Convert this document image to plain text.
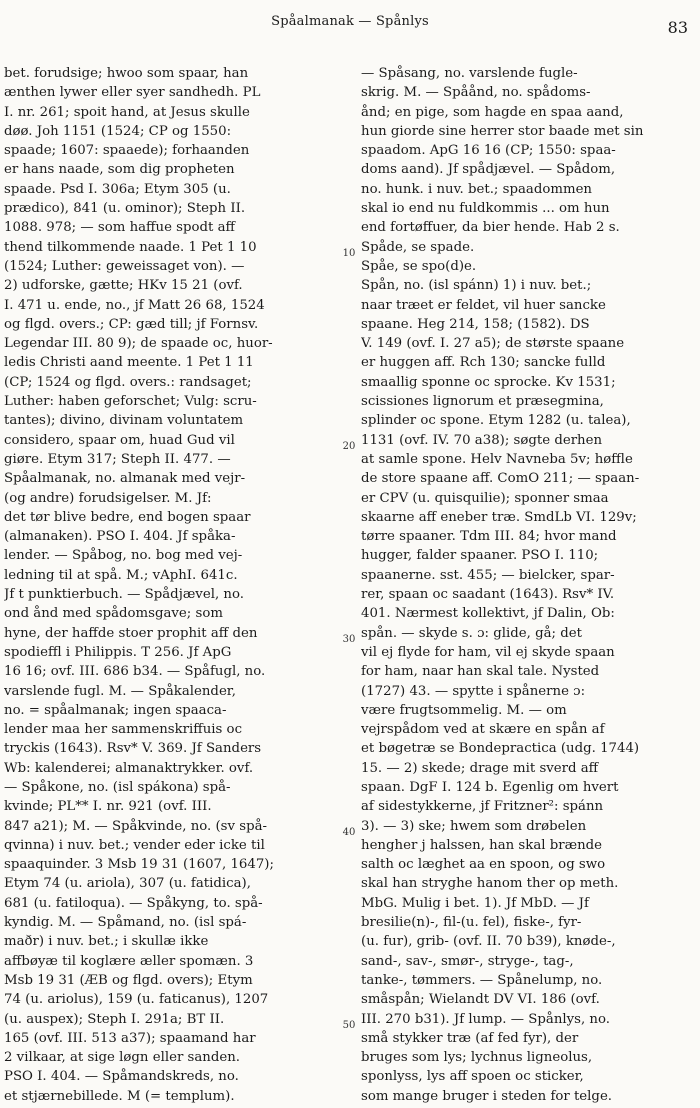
Spåalmanak — Spånlys	83
bet. forudsige; hwoo som spaar, han
ænthen lywer eller syer sandhedh. PL
I. nr. 261; spoit hand, at Jesus skulle
døø. Joh 1151 (1524; CP og 1550:
spaade; 1607: spaaede); forhaanden
er hans naade, som dig propheten
spaade. Psd I. 306a; Etym 305 (u.
prædico), 841 (u. ominor); Steph II.
1088. 978; — som haffue spodt aff
thend tilkommende naade. 1 Pet 1 10
(1524; Luther: geweissaget von). —
2) udforske, gætte; HKv 15 21 (ovf.
I. 471 u. ende, no., jf Matt 26 68, 1524
og flgd. overs.; CP: gæd till; jf Fornsv.
Legendar III. 80 9); de spaade oc, huor-
ledis Christi aand meente. 1 Pet 1 11
(CP; 1524 og flgd. overs.: randsaget;
Luther: haben geforschet; Vulg: scru-
tantes); divino, divinam voluntatem
considero, spaar om, huad Gud vil
giøre. Etym 317; Steph II. 477. —
Spåalmanak, no. almanak med vejr-
(og andre) forudsigelser. M. Jf:
det tør blive bedre, end bogen spaar
(almanaken). PSO I. 404. Jf spåka-
lender. — Spåbog, no. bog med vej-
ledning til at spå. M.; vAphI. 641c.
Jf t punktierbuch. — Spådjævel, no.
ond ånd med spådomsgave; som
hyne, der haffde stoer prophit aff den
spodieffl i Philippis. T 256. Jf ApG
16 16; ovf. III. 686 b34. — Spåfugl, no.
varslende fugl. M. — Spåkalender,
no. = spåalmanak; ingen spaaca-
lender maa her sammenskriffuis oc
tryckis (1643). Rsv* V. 369. Jf Sanders
Wb: kalenderei; almanaktrykker. ovf.
— Spåkone, no. (isl spákona) spå-
kvinde; PL** I. nr. 921 (ovf. III.
847 a21); M. — Spåkvinde, no. (sv spå-
qvinna) i nuv. bet.; vender eder icke til
spaaquinder. 3 Msb 19 31 (1607, 1647);
Etym 74 (u. ariola), 307 (u. fatidica),
681 (u. fatiloqua). — Spåkyng, to. spå-
kyndig. M. — Spåmand, no. (isl spá-
maðr) i nuv. bet.; i skullæ ikke
affbøyæ til koglære æller spomæn. 3
Msb 19 31 (ÆB og flgd. overs); Etym
74 (u. ariolus), 159 (u. faticanus), 1207
(u. auspex); Steph I. 291a; BT II.
165 (ovf. III. 513 a37); spaamand har
2 vilkaar, at sige løgn eller sanden.
PSO I. 404. — Spåmandskreds, no.
et stjærnebillede. M (= templum).
10
20
30
40
50
— Spåsang, no. varslende fugle-
skrig. M. — Spåånd, no. spådoms-
ånd; en pige, som hagde en spaa aand,
hun giorde sine herrer stor baade met sin
spaadom. ApG 16 16 (CP; 1550: spaa-
doms aand). Jf spådjævel. — Spådom,
no. hunk. i nuv. bet.; spaadommen
skal io end nu fuldkommis ... om hun
end fortøffuer, da bier hende. Hab 2 s.
Spåde, se spade.
Spåe, se spo(d)e.
Spån, no. (isl spánn) 1) i nuv. bet.;
naar træet er feldet, vil huer sancke
spaane. Heg 214, 158; (1582). DS
V. 149 (ovf. I. 27 a5); de største spaane
er huggen aff. Rch 130; sancke fulld
smaallig sponne oc sprocke. Kv 1531;
scissiones lignorum et præsegmina,
splinder oc spone. Etym 1282 (u. talea),
1131 (ovf. IV. 70 a38); søgte derhen
at samle spone. Helv Navneba 5v; høffle
de store spaane aff. ComO 211; — spaan-
er CPV (u. quisquilie); sponner smaa
skaarne aff eneber træ. SmdLb VI. 129v;
tørre spaaner. Tdm III. 84; hvor mand
hugger, falder spaaner. PSO I. 110;
spaanerne. sst. 455; — bielcker, spar-
rer, spaan oc saadant (1643). Rsv* IV.
401. Nærmest kollektivt, jf Dalin, Ob:
spån. — skyde s. ɔ: glide, gå; det
vil ej flyde for ham, vil ej skyde spaan
for ham, naar han skal tale. Nysted
(1727) 43. — spytte i spånerne ɔ:
være frugtsommelig. M. — om
vejrspådom ved at skære en spån af
et bøgetræ se Bondepractica (udg. 1744)
15. — 2) skede; drage mit sverd aff
spaan. DgF I. 124 b. Egenlig om hvert
af sidestykkerne, jf Fritzner²: spánn
3). — 3) ske; hwem som drøbelen
hengher j halssen, han skal brænde
salth oc læghet aa en spoon, og swo
skal han stryghe hanom ther op meth.
MbG. Mulig i bet. 1). Jf MbD. — Jf
bresilie(n)-, fil-(u. fel), fiske-, fyr-
(u. fur), grib- (ovf. II. 70 b39), knøde-,
sand-, sav-, smør-, stryge-, tag-,
tanke-, tømmers. — Spånelump, no.
småspån; Wielandt DV VI. 186 (ovf.
III. 270 b31). Jf lump. — Spånlys, no.
små stykker træ (af fed fyr), der
bruges som lys; lychnus ligneolus,
sponlyss, lys aff spoen oc sticker,
som mange bruger i steden for telge.
